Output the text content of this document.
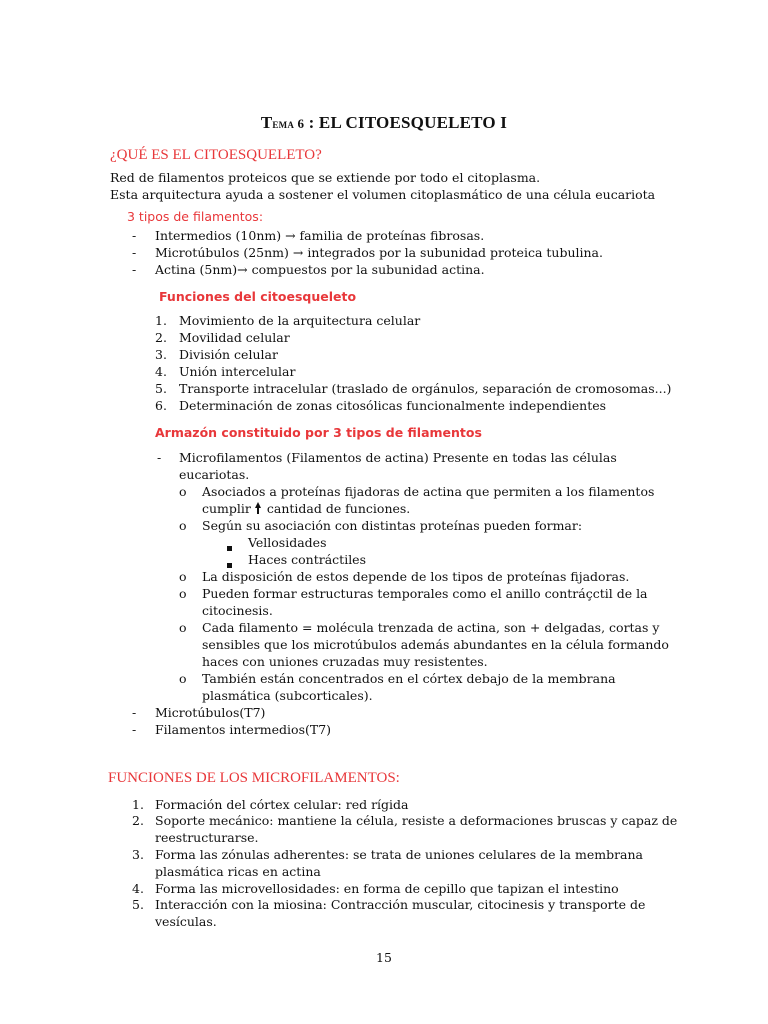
Tema 6 : EL CITOESQUELETO I
¿QUÉ ES EL CITOESQUELETO?
Red de filamentos proteicos que se extiende por todo el citoplasma.
Esta arquitectura ayuda a sostener el volumen citoplasmático de una célula eucariota
3 tipos de filamentos:
- Intermedios (10nm) → familia de proteínas fibrosas.
- Microtúbulos (25nm) → integrados por la subunidad proteica tubulina.
- Actina (5nm)→ compuestos por la subunidad actina.
Funciones del citoesqueleto
1. Movimiento de la arquitectura celular
2. Movilidad celular
3. División celular
4. Unión intercelular
5. Transporte intracelular (traslado de orgánulos, separación de cromosomas...)
6. Determinación de zonas citosólicas funcionalmente independientes
Armazón constituido por 3 tipos de filamentos
- Microfilamentos (Filamentos de actina) Presente en todas las células
eucariotas.
o Asociados a proteínas fijadoras de actina que permiten a los filamentos
cumplir cantidad de funciones.
o Según su asociación con distintas proteínas pueden formar:
Vellosidades
Haces contráctiles
o La disposición de estos depende de los tipos de proteínas fijadoras.
o Pueden formar estructuras temporales como el anillo contráçctil de la
citocinesis.
o Cada filamento = molécula trenzada de actina, son + delgadas, cortas y
sensibles que los microtúbulos además abundantes en la célula formando
haces con uniones cruzadas muy resistentes.
o También están concentrados en el córtex debajo de la membrana
plasmática (subcorticales).
- Microtúbulos(T7)
- Filamentos intermedios(T7)
FUNCIONES DE LOS MICROFILAMENTOS:
1. Formación del córtex celular: red rígida
2. Soporte mecánico: mantiene la célula, resiste a deformaciones bruscas y capaz de
reestructurarse.
3. Forma las zónulas adherentes: se trata de uniones celulares de la membrana
plasmática ricas en actina
4. Forma las microvellosidades: en forma de cepillo que tapizan el intestino
5. Interacción con la miosina: Contracción muscular, citocinesis y transporte de
vesículas.
15
